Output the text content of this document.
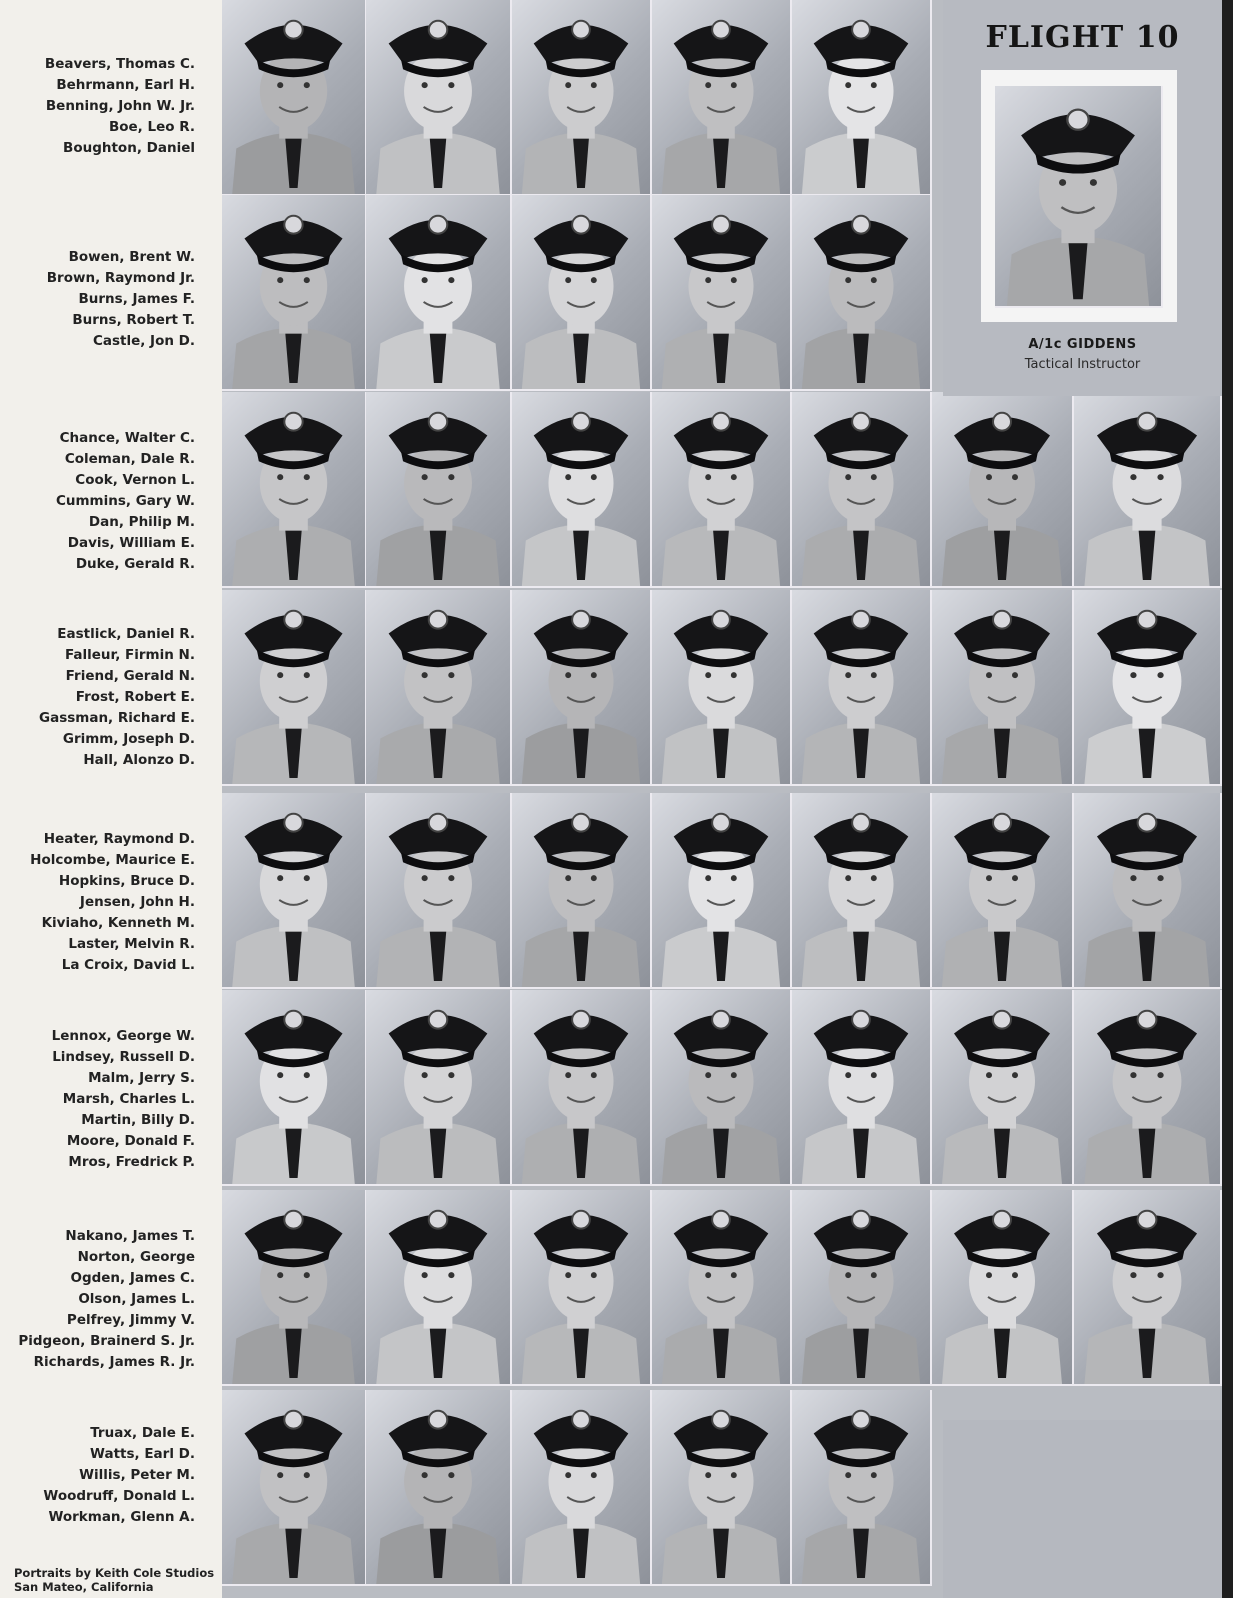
Beavers, Thomas C.
Behrmann, Earl H.
Benning, John W. Jr.
Boe, Leo R.
Boughton, Daniel
Bowen, Brent W.
Brown, Raymond Jr.
Burns, James F.
Burns, Robert T.
Castle, Jon D.
Chance, Walter C.
Coleman, Dale R.
Cook, Vernon L.
Cummins, Gary W.
Dan, Philip M.
Davis, William E.
Duke, Gerald R.
Eastlick, Daniel R.
Falleur, Firmin N.
Friend, Gerald N.
Frost, Robert E.
Gassman, Richard E.
Grimm, Joseph D.
Hall, Alonzo D.
Heater, Raymond D.
Holcombe, Maurice E.
Hopkins, Bruce D.
Jensen, John H.
Kiviaho, Kenneth M.
Laster, Melvin R.
La Croix, David L.
Lennox, George W.
Lindsey, Russell D.
Malm, Jerry S.
Marsh, Charles L.
Martin, Billy D.
Moore, Donald F.
Mros, Fredrick P.
Nakano, James T.
Norton, George
Ogden, James C.
Olson, James L.
Pelfrey, Jimmy V.
Pidgeon, Brainerd S. Jr.
Richards, James R. Jr.
Truax, Dale E.
Watts, Earl D.
Willis, Peter M.
Woodruff, Donald L.
Workman, Glenn A.
Portraits by Keith Cole Studios
San Mateo, California
FLIGHT 10
A/1c GIDDENS
Tactical Instructor
